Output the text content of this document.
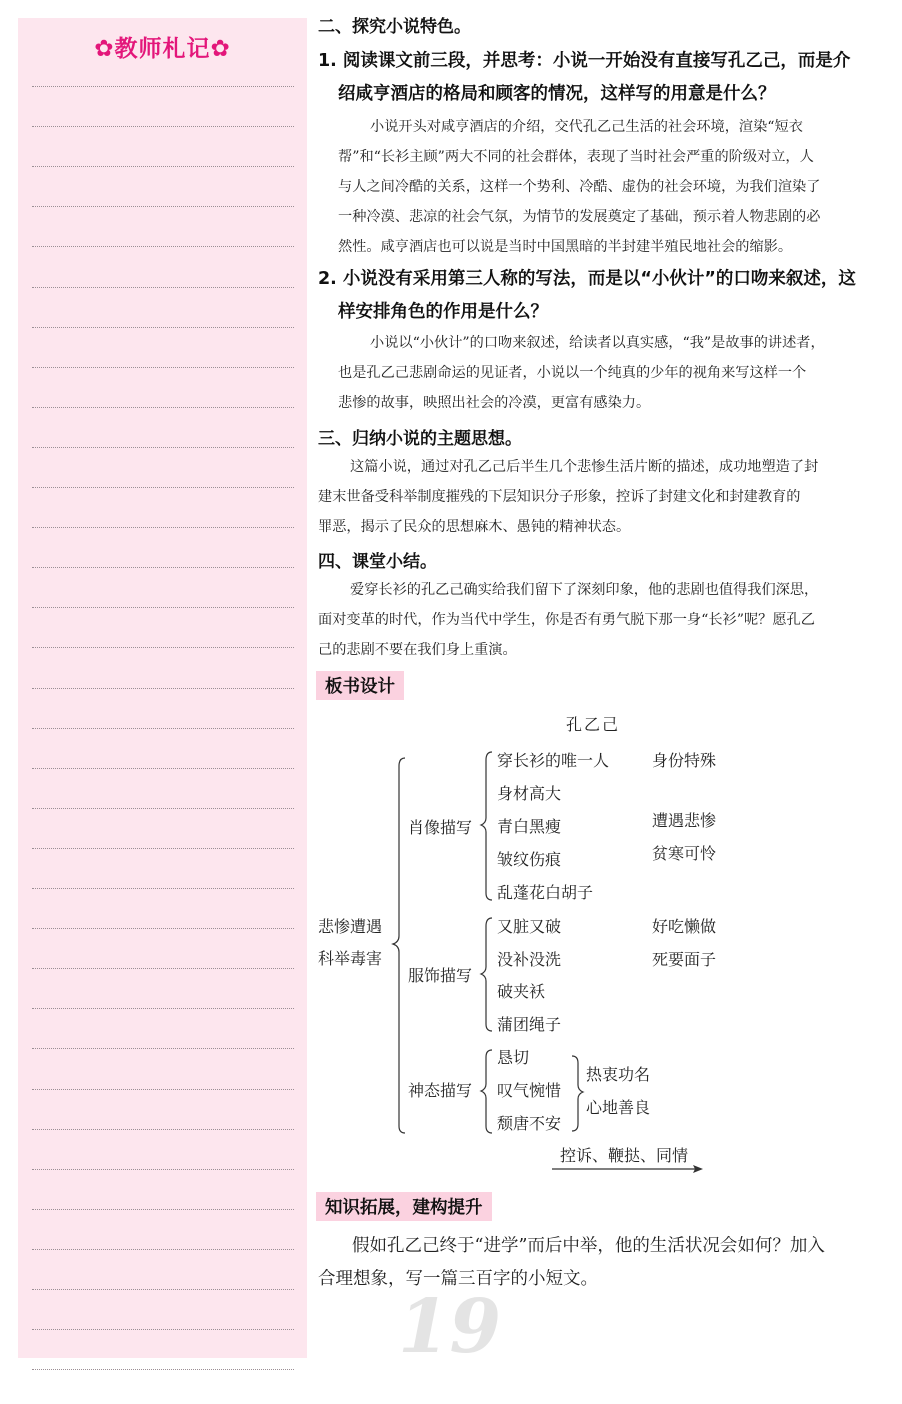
✿教师札记✿
二、探究小说特色。
1. 阅读课文前三段，并思考：小说一开始没有直接写孔乙己，而是介
绍咸亨酒店的格局和顾客的情况，这样写的用意是什么？
小说开头对咸亨酒店的介绍，交代孔乙己生活的社会环境，渲染“短衣
帮”和“长衫主顾”两大不同的社会群体，表现了当时社会严重的阶级对立，人
与人之间冷酷的关系，这样一个势利、冷酷、虚伪的社会环境，为我们渲染了
一种冷漠、悲凉的社会气氛，为情节的发展奠定了基础，预示着人物悲剧的必
然性。咸亨酒店也可以说是当时中国黑暗的半封建半殖民地社会的缩影。
2. 小说没有采用第三人称的写法，而是以“小伙计”的口吻来叙述，这
样安排角色的作用是什么？
小说以“小伙计”的口吻来叙述，给读者以真实感，“我”是故事的讲述者，
也是孔乙己悲剧命运的见证者，小说以一个纯真的少年的视角来写这样一个
悲惨的故事，映照出社会的冷漠，更富有感染力。
三、归纳小说的主题思想。
这篇小说，通过对孔乙己后半生几个悲惨生活片断的描述，成功地塑造了封
建末世备受科举制度摧残的下层知识分子形象，控诉了封建文化和封建教育的
罪恶，揭示了民众的思想麻木、愚钝的精神状态。
四、课堂小结。
爱穿长衫的孔乙己确实给我们留下了深刻印象，他的悲剧也值得我们深思，
面对变革的时代，作为当代中学生，你是否有勇气脱下那一身“长衫”呢？愿孔乙
己的悲剧不要在我们身上重演。
板书设计
孔乙己
悲惨遭遇
科举毒害
肖像描写
服饰描写
神态描写
穿长衫的唯一人
身材高大
青白黑瘦
皱纹伤痕
乱蓬花白胡子
身份特殊
遭遇悲惨
贫寒可怜
又脏又破
没补没洗
破夹袄
蒲团绳子
好吃懒做
死要面子
恳切
叹气惋惜
颓唐不安
热衷功名
心地善良
控诉、鞭挞、同情
知识拓展，建构提升
假如孔乙己终于“进学”而后中举，他的生活状况会如何？加入
合理想象，写一篇三百字的小短文。
19
